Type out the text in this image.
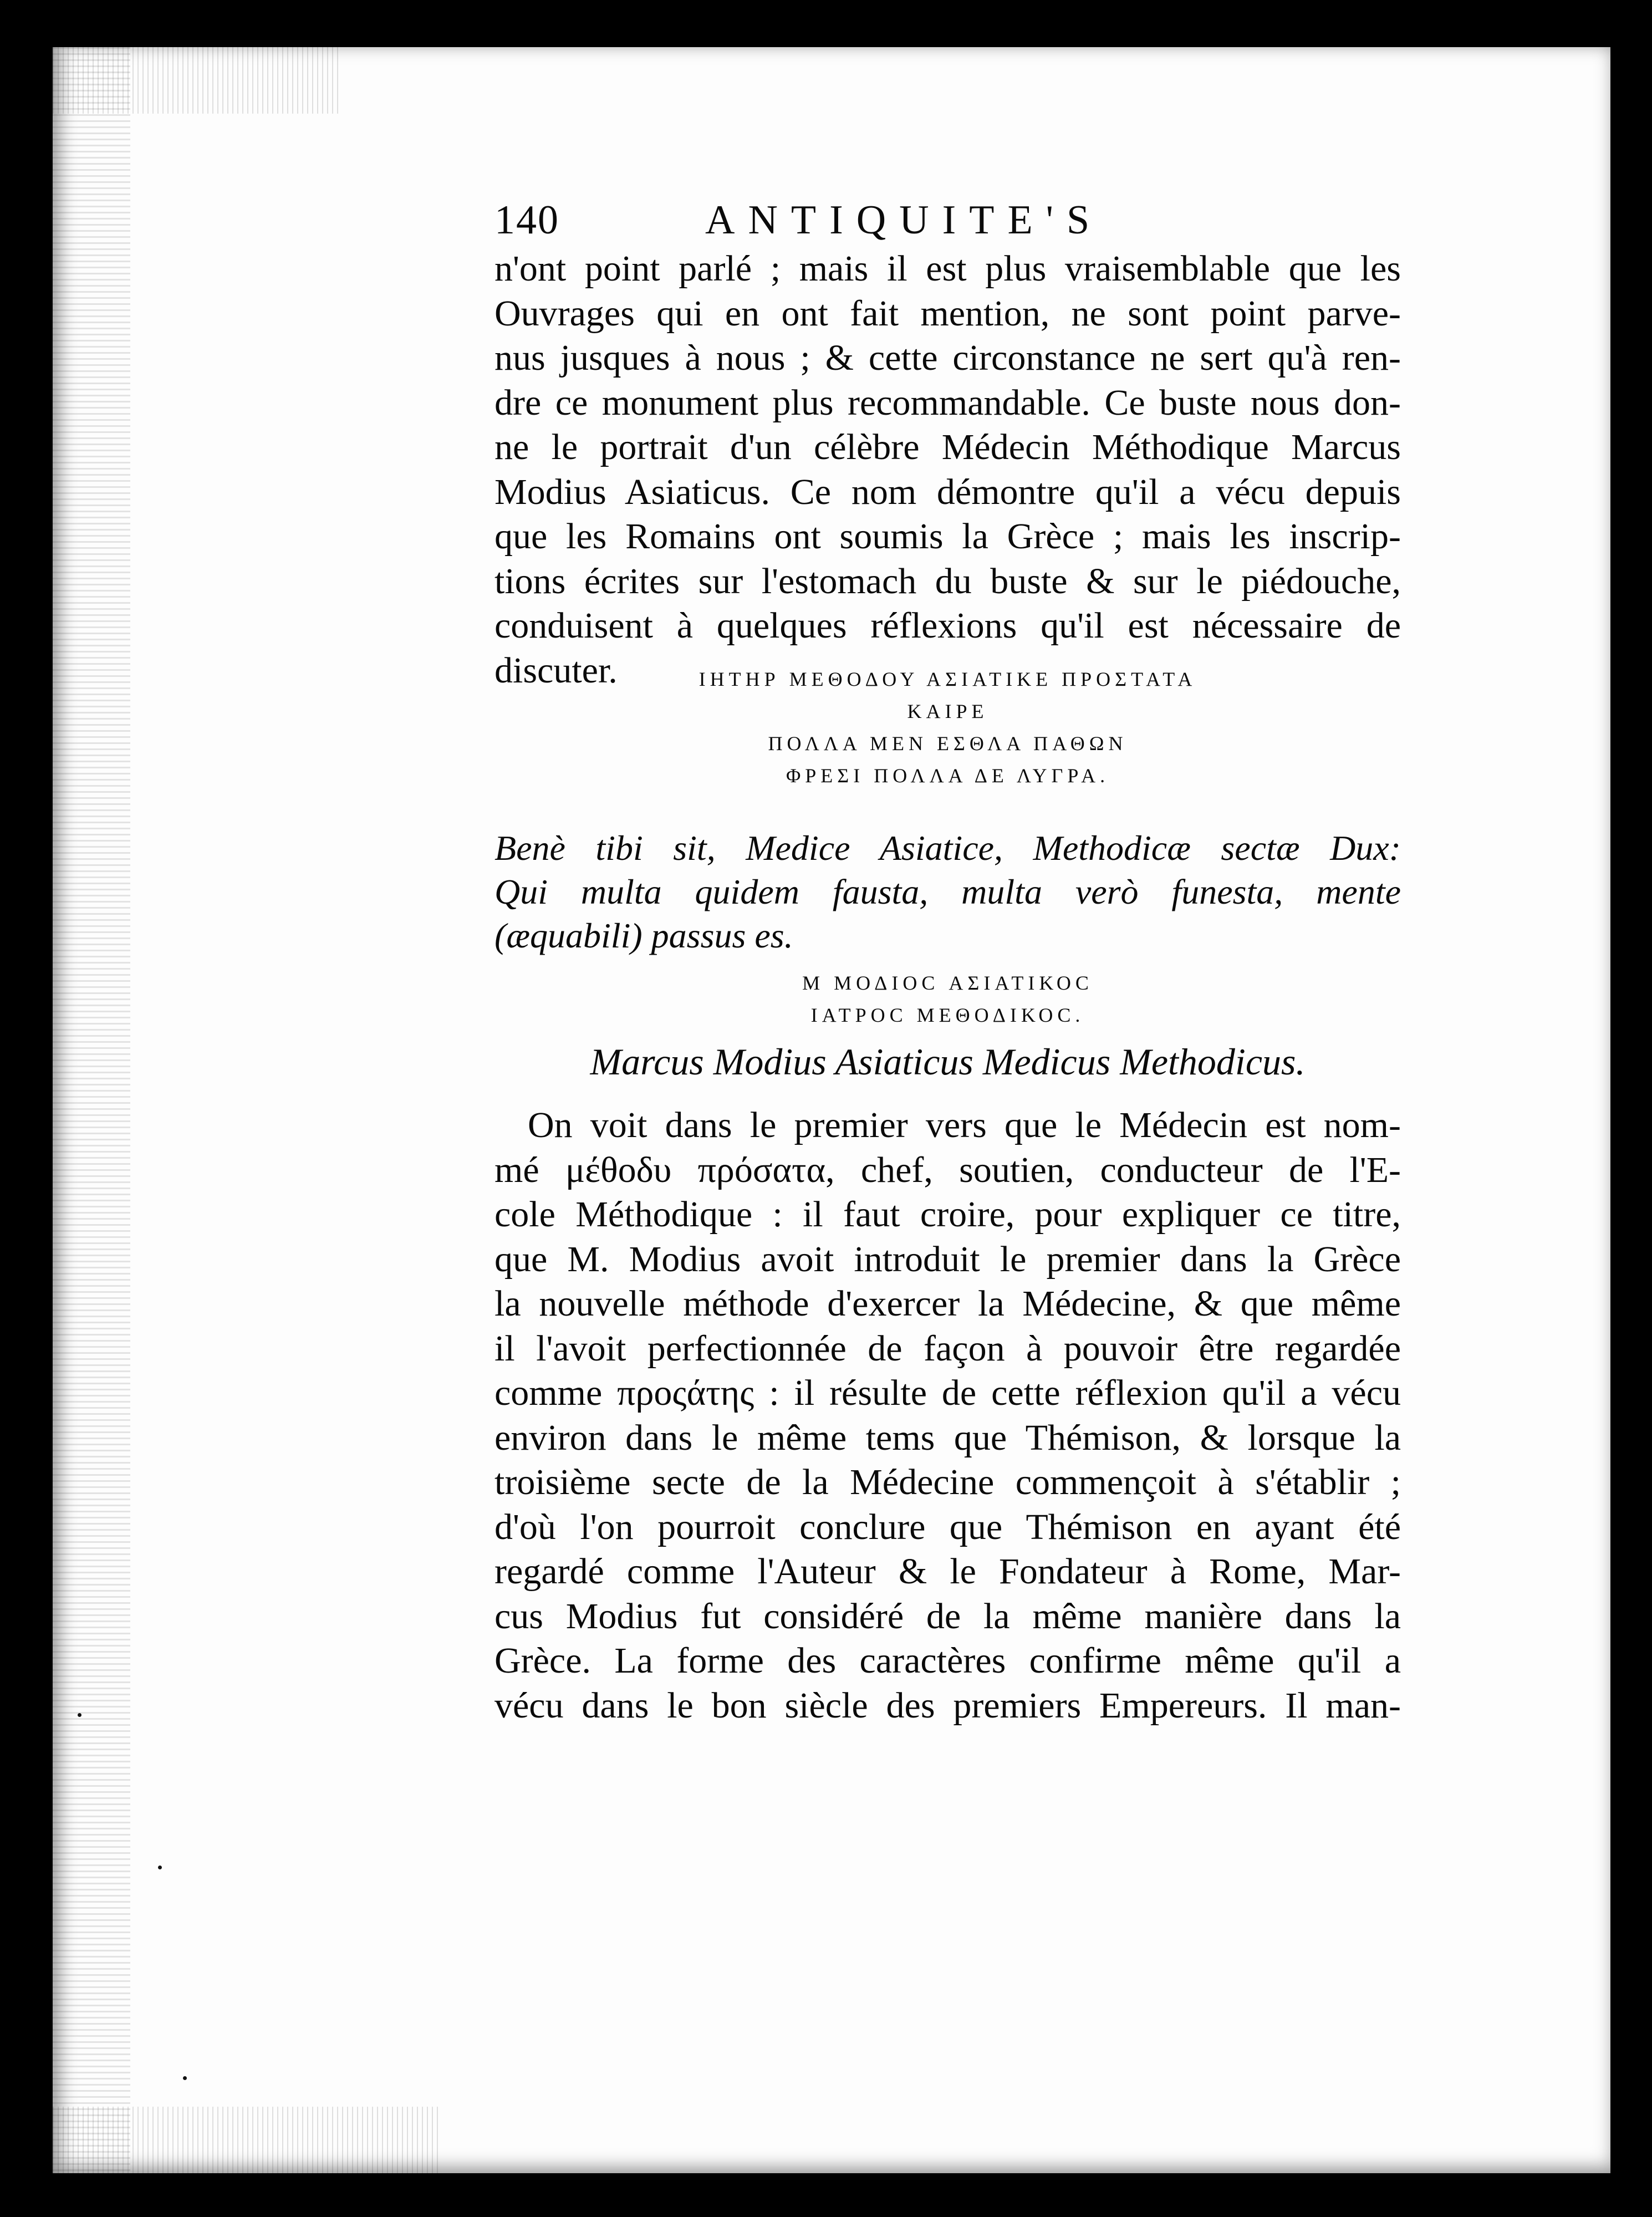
140	ANTIQUITE'S
n'ont point parlé ; mais il est plus vraisemblable que les
Ouvrages qui en ont fait mention, ne sont point parve-
nus jusques à nous ; & cette circonstance ne sert qu'à ren-
dre ce monument plus recommandable. Ce buste nous don-
ne le portrait d'un célèbre Médecin Méthodique Marcus
Modius Asiaticus. Ce nom démontre qu'il a vécu depuis
que les Romains ont soumis la Grèce ; mais les inscrip-
tions écrites sur l'estomach du buste & sur le piédouche,
conduisent à quelques réflexions qu'il est nécessaire de
discuter.	ΙΗΤΗΡ ΜΕΘΟΔΟΥ ΑΣΙΑΤΙΚΕ ΠΡΟΣΤΑΤΑ
ΚΑΙΡΕ
ΠΟΛΛΑ ΜΕΝ ΕΣΘΛΑ ΠΑΘΩΝ
ΦΡΕΣΙ ΠΟΛΛΑ ΔΕ ΛΥΓΡΑ.
Benè tibi sit, Medice Asiatice, Methodicæ sectæ Dux:
Qui multa quidem fausta, multa verò funesta, mente
(æquabili) passus es.
Μ ΜΟΔΙΟC ΑΣΙΑΤΙΚΟC
ΙΑΤΡΟC ΜΕΘΟΔΙΚΟC.
Marcus Modius Asiaticus Medicus Methodicus.
On voit dans le premier vers que le Médecin est nom-
mé μέθοδυ πρόσατα, chef, soutien, conducteur de l'E-
cole Méthodique : il faut croire, pour expliquer ce titre,
que M. Modius avoit introduit le premier dans la Grèce
la nouvelle méthode d'exercer la Médecine, & que même
il l'avoit perfectionnée de façon à pouvoir être regardée
comme προςάτης : il résulte de cette réflexion qu'il a vécu
environ dans le même tems que Thémison, & lorsque la
troisième secte de la Médecine commençoit à s'établir ;
d'où l'on pourroit conclure que Thémison en ayant été
regardé comme l'Auteur & le Fondateur à Rome, Mar-
cus Modius fut considéré de la même manière dans la
Grèce. La forme des caractères confirme même qu'il a
vécu dans le bon siècle des premiers Empereurs. Il man-
